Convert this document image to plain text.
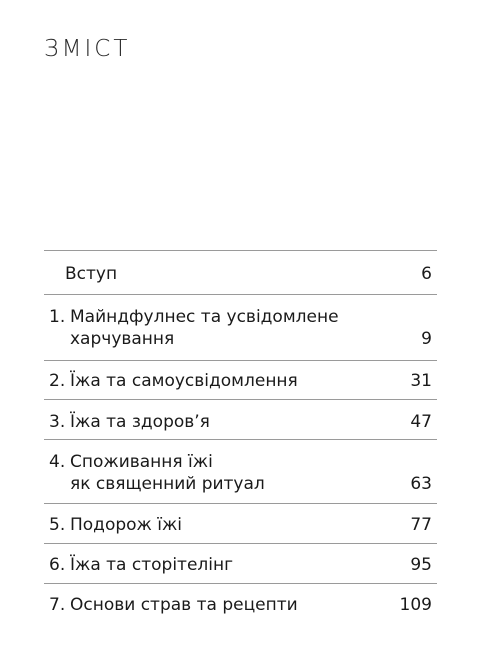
ЗМІСТ
Вступ	6
1. Майндфулнес та усвідомлене
харчування	9
2. Їжа та самоусвідомлення	31
3. Їжа та здоров’я	47
4. Споживання їжі
як священний ритуал	63
5. Подорож їжі	77
6. Їжа та сторітелінг	95
7. Основи страв та рецепти	109
